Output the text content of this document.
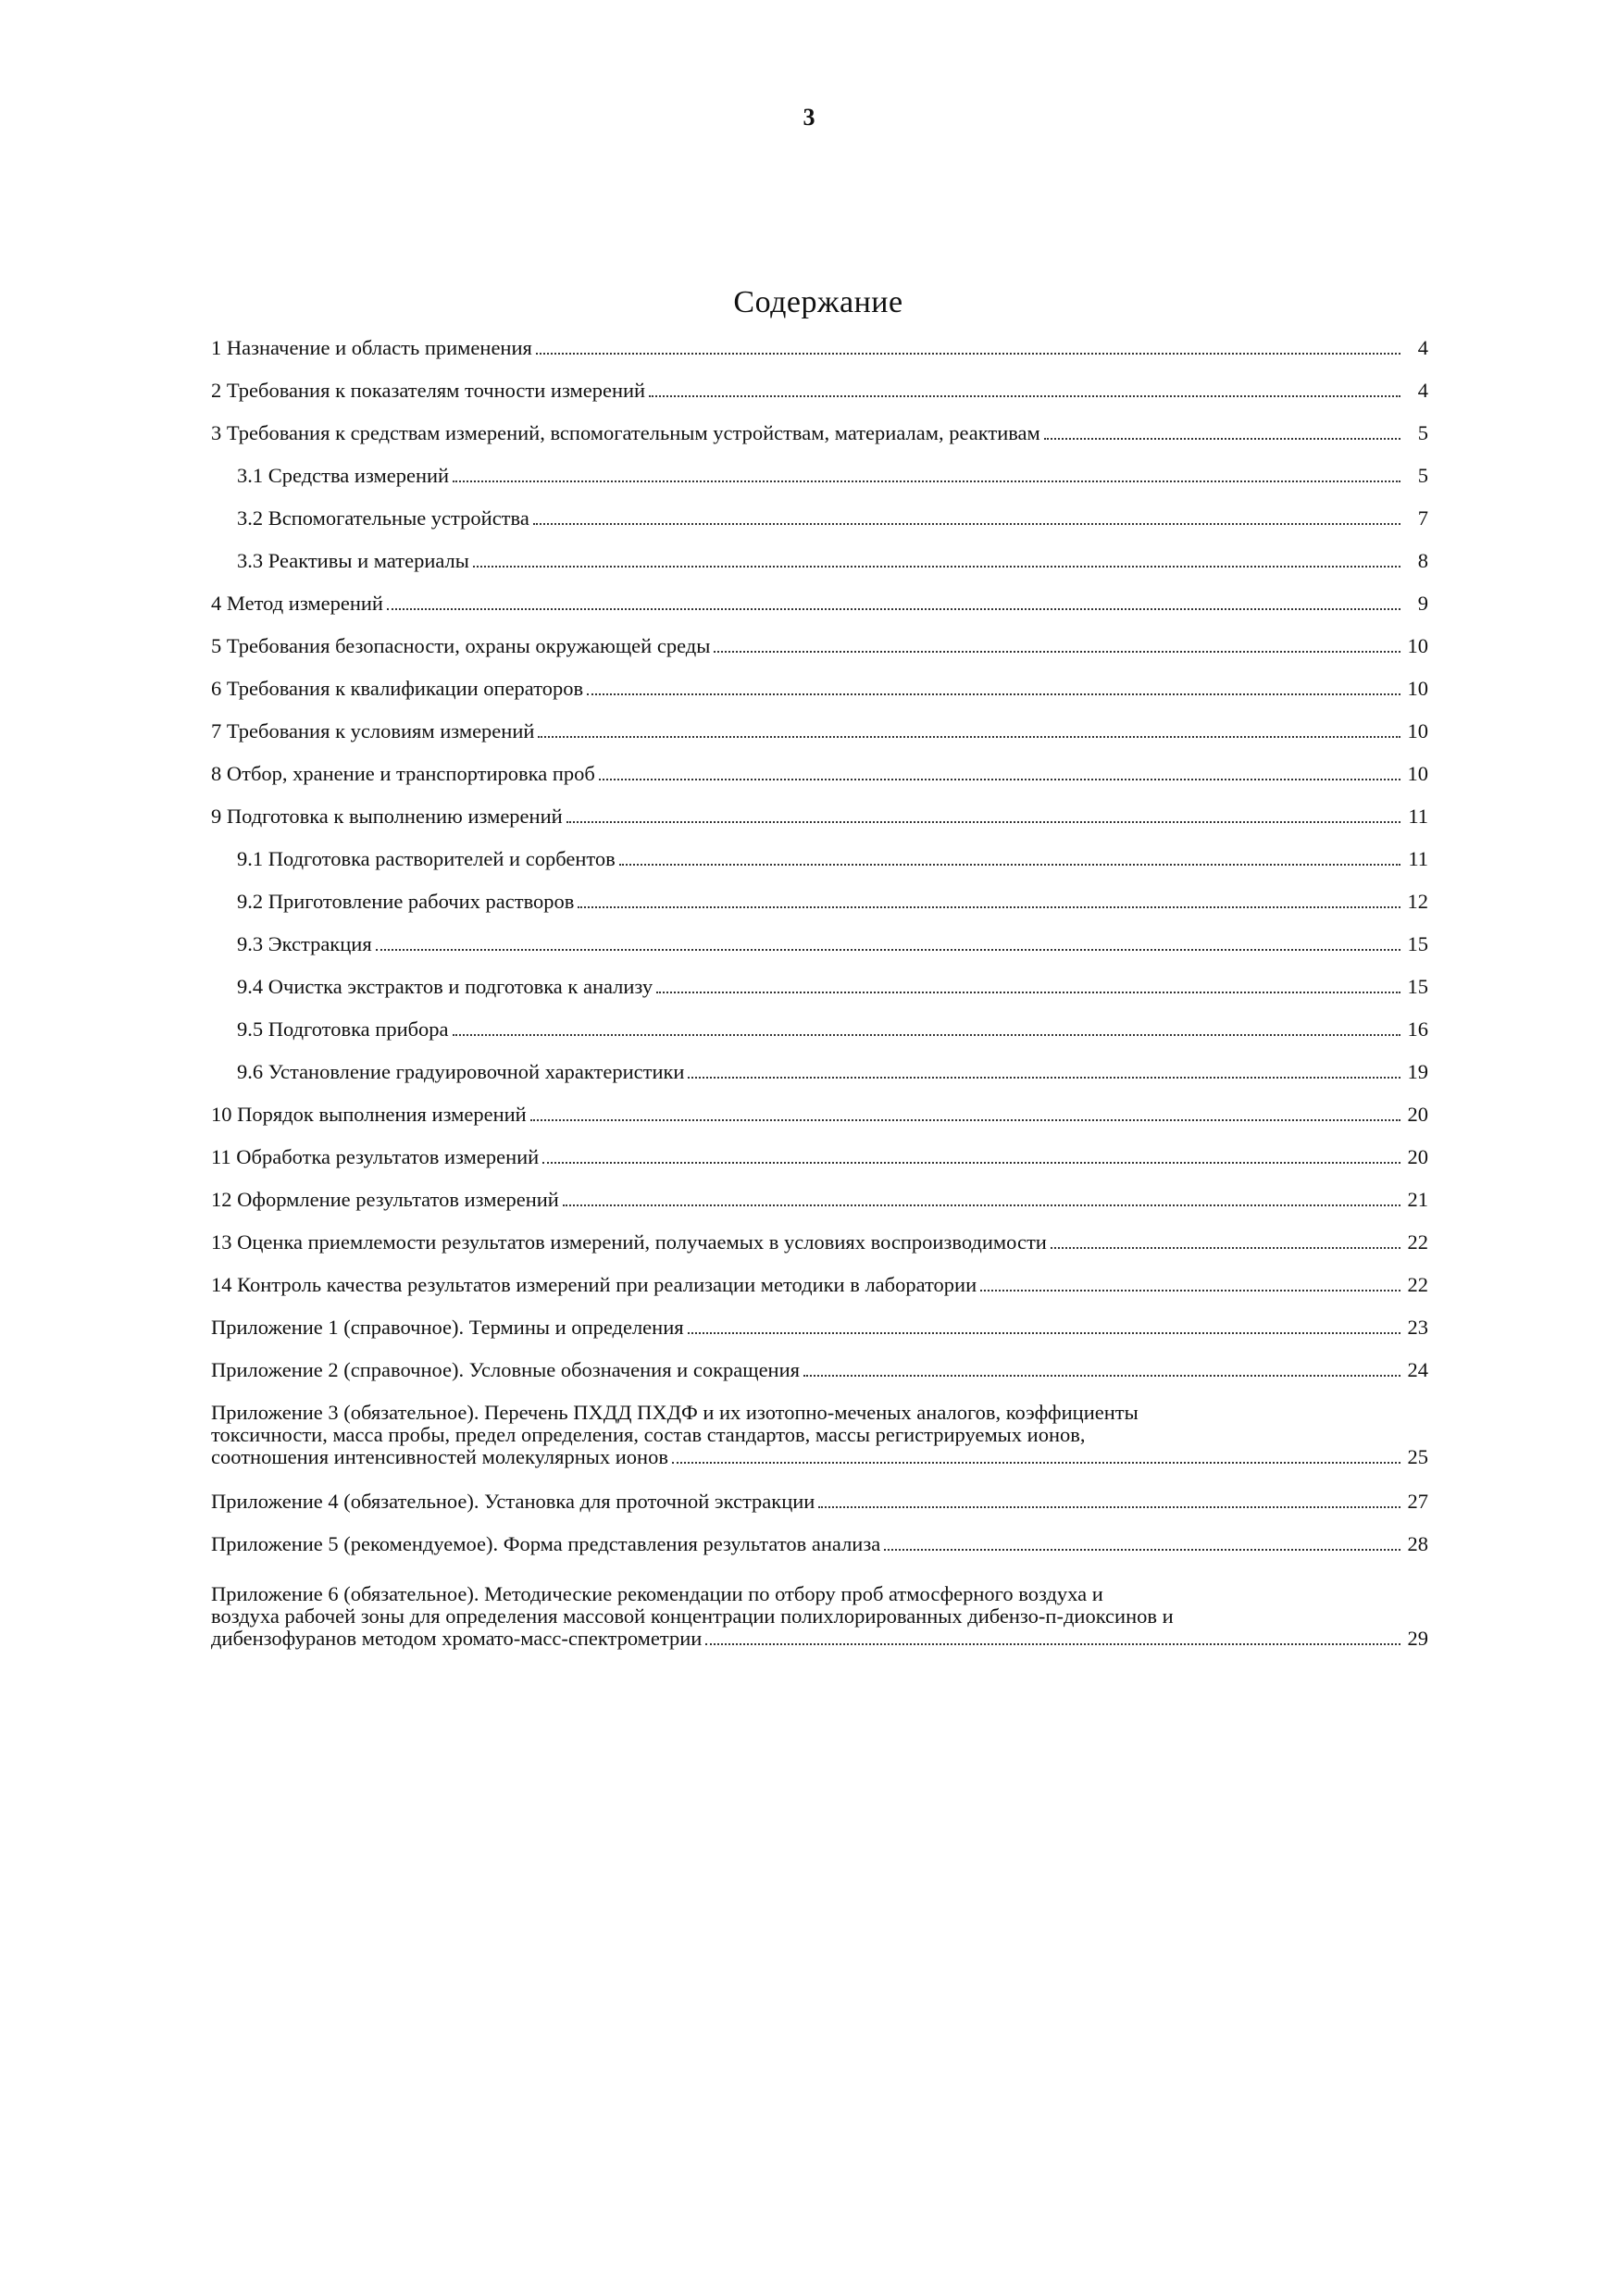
3
Содержание
1 Назначение и область применения	4
2 Требования к показателям точности измерений	4
3 Требования к средствам измерений, вспомогательным устройствам, материалам, реактивам	5
3.1 Средства измерений	5
3.2 Вспомогательные устройства	7
3.3 Реактивы и материалы	8
4 Метод измерений	9
5 Требования безопасности, охраны окружающей среды	10
6 Требования к квалификации операторов	10
7 Требования к условиям измерений	10
8 Отбор, хранение и транспортировка проб	10
9 Подготовка к выполнению измерений	11
9.1 Подготовка растворителей и сорбентов	11
9.2 Приготовление рабочих растворов	12
9.3 Экстракция	15
9.4 Очистка экстрактов и подготовка к анализу	15
9.5 Подготовка прибора	16
9.6 Установление градуировочной характеристики	19
10 Порядок выполнения измерений	20
11 Обработка результатов измерений	20
12 Оформление результатов измерений	21
13 Оценка приемлемости результатов измерений, получаемых в условиях воспроизводимости	22
14 Контроль качества результатов измерений при реализации методики в лаборатории	22
Приложение 1 (справочное). Термины и определения	23
Приложение 2 (справочное). Условные обозначения и сокращения	24
Приложение 3 (обязательное). Перечень ПХДД ПХДФ и их изотопно-меченых аналогов, коэффициенты
токсичности, масса пробы, предел определения, состав стандартов, массы регистрируемых ионов,
соотношения интенсивностей молекулярных ионов	25
Приложение 4 (обязательное). Установка для проточной экстракции	27
Приложение 5 (рекомендуемое). Форма представления результатов анализа	28
Приложение 6 (обязательное). Методические рекомендации по отбору проб атмосферного воздуха и
воздуха рабочей зоны для определения массовой концентрации полихлорированных дибензо-п-диоксинов и
дибензофуранов методом хромато-масс-спектрометрии	29
